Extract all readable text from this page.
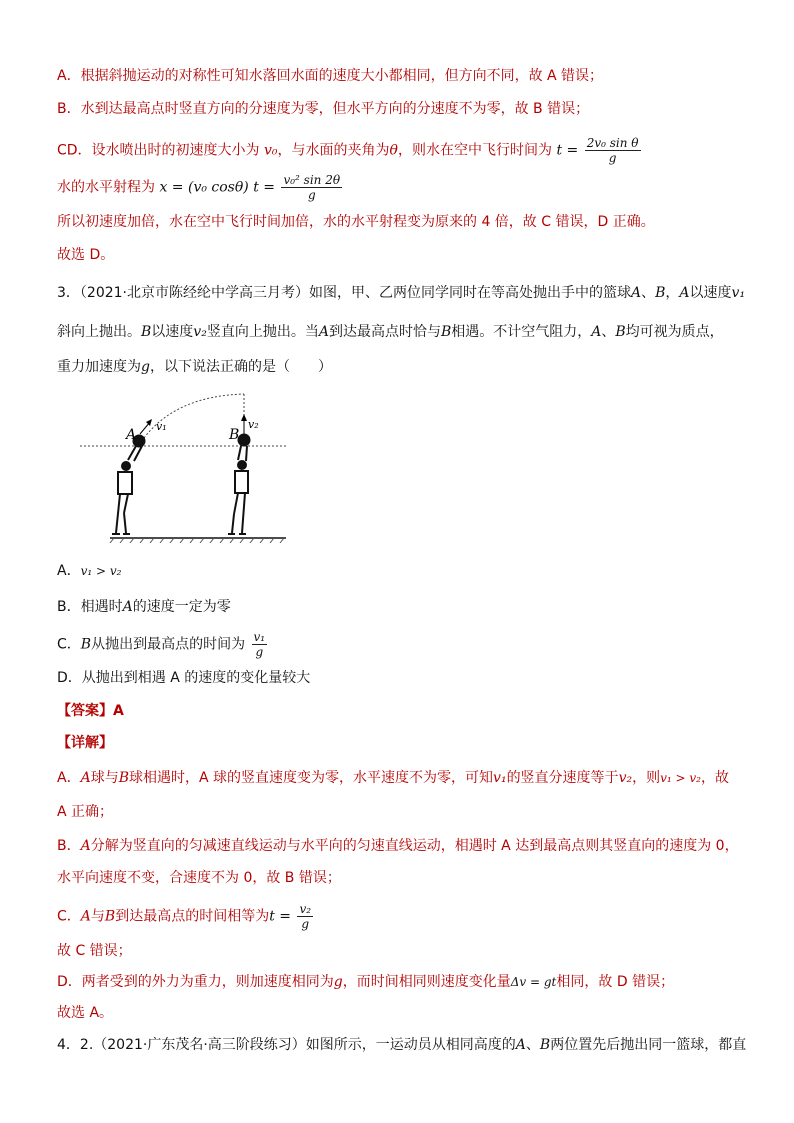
A．根据斜抛运动的对称性可知水落回水面的速度大小都相同，但方向不同，故 A 错误；
B．水到达最高点时竖直方向的分速度为零，但水平方向的分速度不为零，故 B 错误；
CD．设水喷出时的初速度大小为 v₀，与水面的夹角为θ，则水在空中飞行时间为 $t = \frac{\text{2v₀ sin θ}}{g}$
水的水平射程为 x = (v₀ cosθ) $t = \frac{\text{v₀² sin 2θ}}{g}$
所以初速度加倍，水在空中飞行时间加倍，水的水平射程变为原来的 4 倍，故 C 错误，D 正确。
故选 D。
3．（2021·北京市陈经纶中学高三月考）如图，甲、乙两位同学同时在等高处抛出手中的篮球A、B，A以速度v₁
斜向上抛出。B以速度v₂竖直向上抛出。当A到达最高点时恰与B相遇。不计空气阻力，A、B均可视为质点，
重力加速度为g，以下说法正确的是（　　）
A
v₁
B
v₂
A．v₁ > v₂
B．相遇时A的速度一定为零
C．B从抛出到最高点的时间为 $\frac{\text{v₁}}{g}$
D．从抛出到相遇 A 的速度的变化量较大
【答案】A
【详解】
A．A球与B球相遇时，A 球的竖直速度变为零，水平速度不为零，可知v₁的竖直分速度等于v₂，则v₁ > v₂，故
A 正确；
B．A分解为竖直向的匀减速直线运动与水平向的匀速直线运动，相遇时 A 达到最高点则其竖直向的速度为 0，
水平向速度不变，合速度不为 0，故 B 错误；
C．A与B到达最高点的时间相等为$t = \frac{\text{v₂}}{g}$
故 C 错误；
D．两者受到的外力为重力，则加速度相同为g，而时间相同则速度变化量Δv = gt相同，故 D 错误；
故选 A。
4．2.（2021·广东茂名·高三阶段练习）如图所示，一运动员从相同高度的A、B两位置先后抛出同一篮球，都直
